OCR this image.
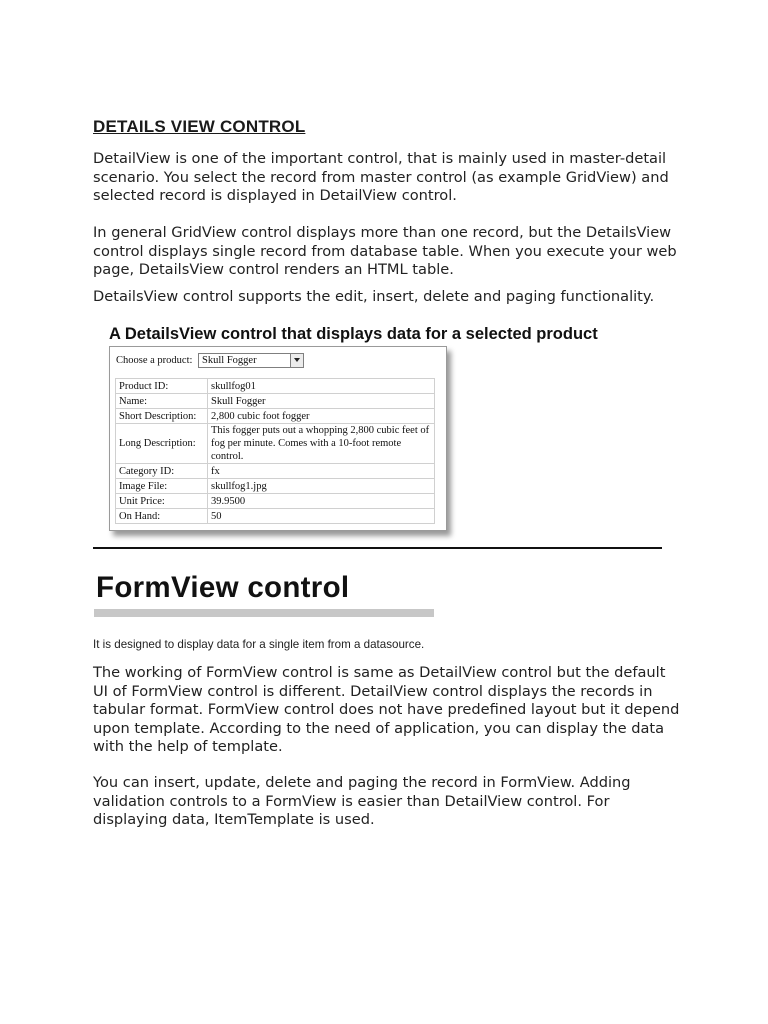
DETAILS VIEW CONTROL
DetailView is one of the important control, that is mainly used in master-detail scenario. You select the record from master control (as example GridView) and selected record is displayed in DetailView control.
In general GridView control displays more than one record, but the DetailsView control displays single record from database table. When you execute your web page, DetailsView control renders an HTML table.
DetailsView control supports the edit, insert, delete and paging functionality.
A DetailsView control that displays data for a selected product
Choose a product: Skull Fogger
Product ID:	skullfog01
Name:	Skull Fogger
Short Description:	2,800 cubic foot fogger
Long Description:	This fogger puts out a whopping 2,800 cubic feet of fog per minute. Comes with a 10-foot remote control.
Category ID:	fx
Image File:	skullfog1.jpg
Unit Price:	39.9500
On Hand:	50
FormView control
It is designed to display data for a single item from a datasource.
The working of FormView control is same as DetailView control but the default UI of FormView control is different. DetailView control displays the records in tabular format. FormView control does not have predefined layout but it depend upon template. According to the need of application, you can display the data with the help of template.
You can insert, update, delete and paging the record in FormView. Adding validation controls to a FormView is easier than DetailView control. For displaying data, ItemTemplate is used.
